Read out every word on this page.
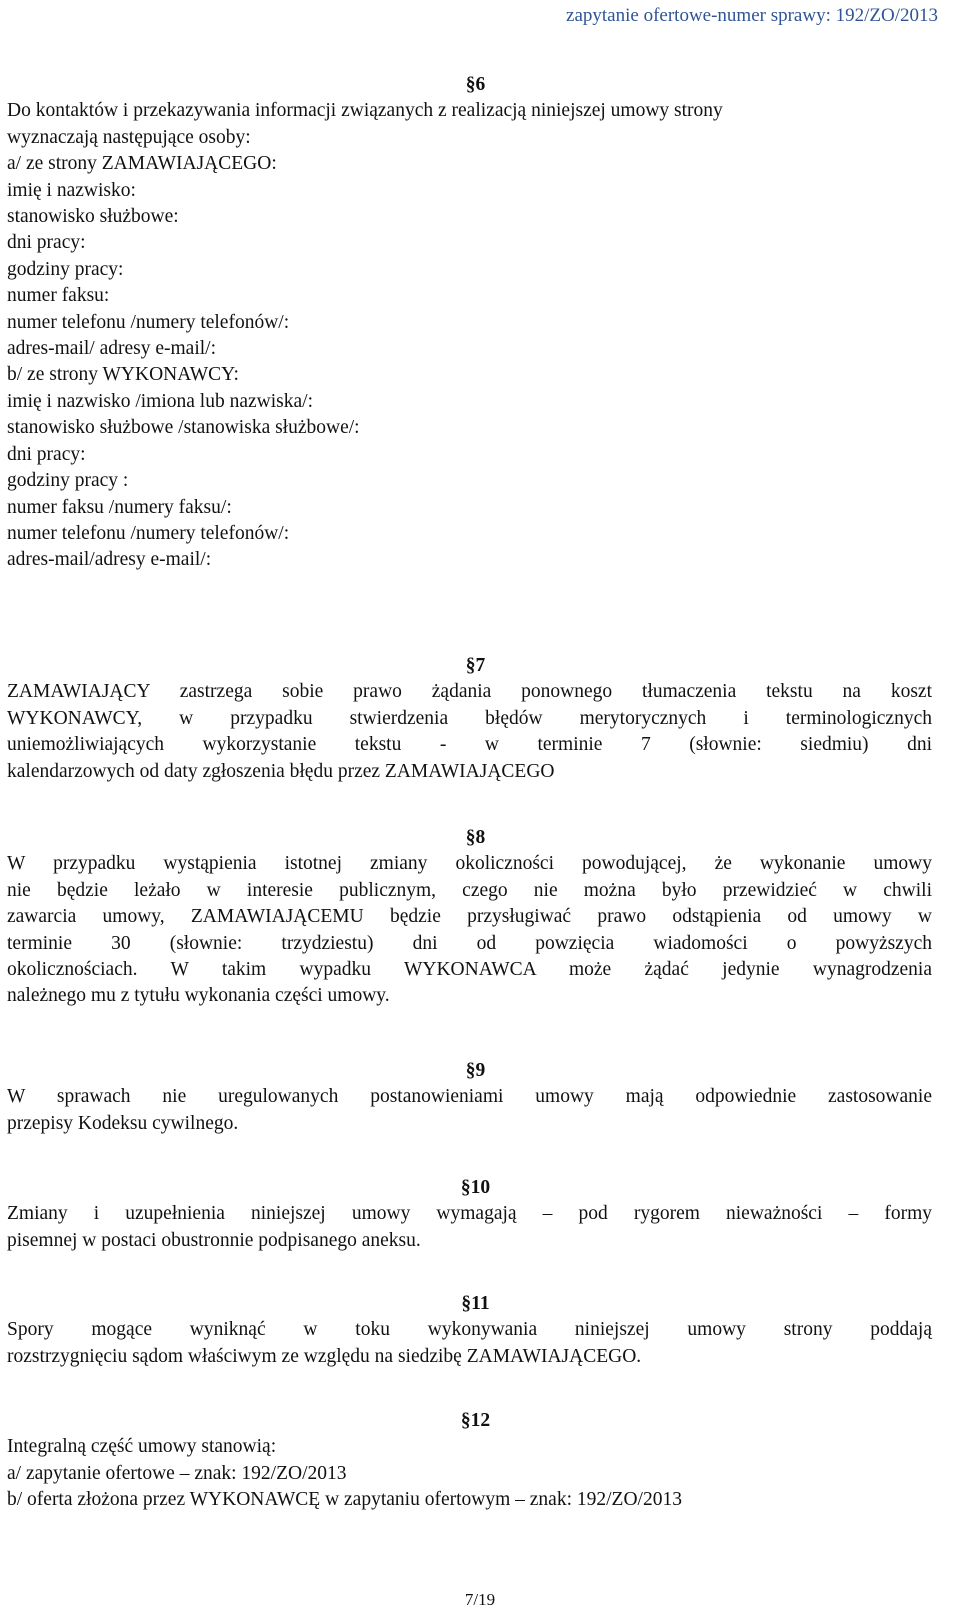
zapytanie ofertowe-numer sprawy: 192/ZO/2013
§6
Do kontaktów i przekazywania informacji związanych z realizacją niniejszej umowy strony
wyznaczają następujące osoby:
a/ ze strony ZAMAWIAJĄCEGO:
imię i nazwisko:
stanowisko służbowe:
dni pracy:
godziny pracy:
numer faksu:
numer telefonu /numery telefonów/:
adres-mail/ adresy e-mail/:
b/ ze strony WYKONAWCY:
imię i nazwisko /imiona lub nazwiska/:
stanowisko służbowe /stanowiska służbowe/:
dni pracy:
godziny pracy :
numer faksu /numery faksu/:
numer telefonu /numery telefonów/:
adres-mail/adresy e-mail/:
§7
ZAMAWIAJĄCY zastrzega sobie prawo żądania ponownego tłumaczenia tekstu na koszt
WYKONAWCY, w przypadku stwierdzenia błędów merytorycznych i terminologicznych
uniemożliwiających wykorzystanie tekstu - w terminie 7 (słownie: siedmiu) dni
kalendarzowych od daty zgłoszenia błędu przez ZAMAWIAJĄCEGO
§8
W przypadku wystąpienia istotnej zmiany okoliczności powodującej, że wykonanie umowy
nie będzie leżało w interesie publicznym, czego nie można było przewidzieć w chwili
zawarcia umowy, ZAMAWIAJĄCEMU będzie przysługiwać prawo odstąpienia od umowy w
terminie 30 (słownie: trzydziestu) dni od powzięcia wiadomości o powyższych
okolicznościach. W takim wypadku WYKONAWCA może żądać jedynie wynagrodzenia
należnego mu z tytułu wykonania części umowy.
§9
W sprawach nie uregulowanych postanowieniami umowy mają odpowiednie zastosowanie
przepisy Kodeksu cywilnego.
§10
Zmiany i uzupełnienia niniejszej umowy wymagają – pod rygorem nieważności – formy
pisemnej w postaci obustronnie podpisanego aneksu.
§11
Spory mogące wyniknąć w toku wykonywania niniejszej umowy strony poddają
rozstrzygnięciu sądom właściwym ze względu na siedzibę ZAMAWIAJĄCEGO.
§12
Integralną część umowy stanowią:
a/ zapytanie ofertowe – znak: 192/ZO/2013
b/ oferta złożona przez WYKONAWCĘ w zapytaniu ofertowym – znak: 192/ZO/2013
7/19
